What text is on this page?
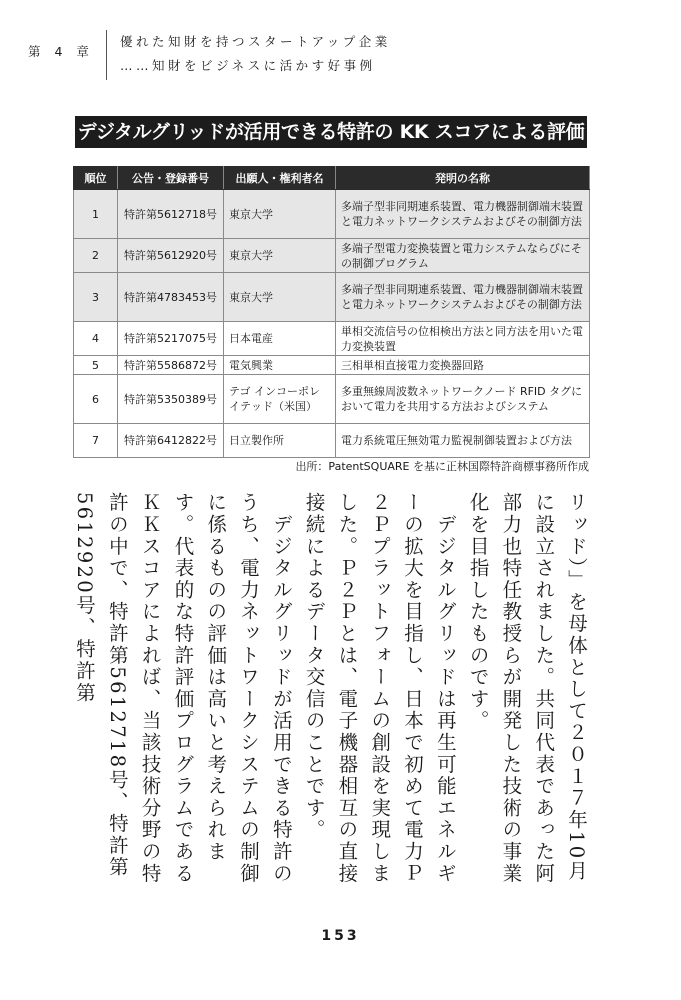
第 4 章
優れた知財を持つスタートアップ企業
……知財をビジネスに活かす好事例
デジタルグリッドが活用できる特許の KK スコアによる評価
順位	公告・登録番号	出願人・権利者名	発明の名称
1	特許第5612718号	東京大学	多端子型非同期連系装置、電力機器制御端末装置と電力ネットワークシステムおよびその制御方法
2	特許第5612920号	東京大学	多端子型電力変換装置と電力システムならびにその制御プログラム
3	特許第4783453号	東京大学	多端子型非同期連系装置、電力機器制御端末装置と電力ネットワークシステムおよびその制御方法
4	特許第5217075号	日本電産	単相交流信号の位相検出方法と同方法を用いた電力変換装置
5	特許第5586872号	電気興業	三相単相直接電力変換器回路
6	特許第5350389号	テゴ インコーポレイテッド（米国）	多重無線周波数ネットワークノード RFID タグにおいて電力を共用する方法およびシステム
7	特許第6412822号	日立製作所	電力系統電圧無効電力監視制御装置および方法
出所：PatentSQUARE を基に正林国際特許商標事務所作成

リッド）」を母体として２０１７年10月に設立されました。共同代表であった阿部力也特任教授らが開発した技術の事業化を目指したものです。

　デジタルグリッドは再生可能エネルギーの拡大を目指し、日本で初めて電力Ｐ２Ｐプラットフォームの創設を実現しました。Ｐ２Ｐとは、電子機器相互の直接接続によるデータ交信のことです。

　デジタルグリッドが活用できる特許のうち、電力ネットワークシステムの制御に係るものの評価は高いと考えられます。代表的な特許評価プログラムであるＫＫスコアによれば、当該技術分野の特許の中で、特許第5612718号、特許第5612920号、特許第

153
